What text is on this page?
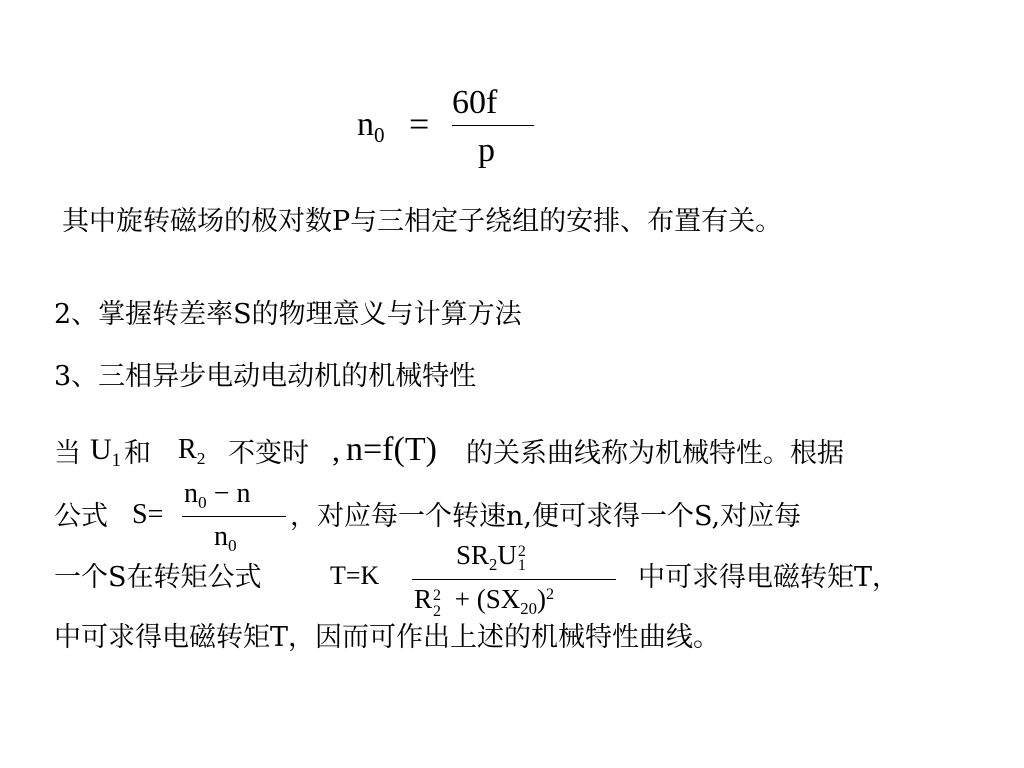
$n_0$ =
60f
p
其中旋转磁场的极对数P与三相定子绕组的安排、布置有关。
2、掌握转差率S的物理意义与计算方法
3、三相异步电动电动机的机械特性
当 $U_1$ 和 $R_2$ 不变时 , n=f(T) 的关系曲线称为机械特性。根据
公式 S=
$n_0 - n$
$n_0$
，对应每一个转速n,便可求得一个S,对应每
一个S在转矩公式	T=K
$SR_2U$ 2
1
R 2
$2 + (SX_{20})^2$
中可求得电磁转矩T，
中可求得电磁转矩T，因而可作出上述的机械特性曲线。
